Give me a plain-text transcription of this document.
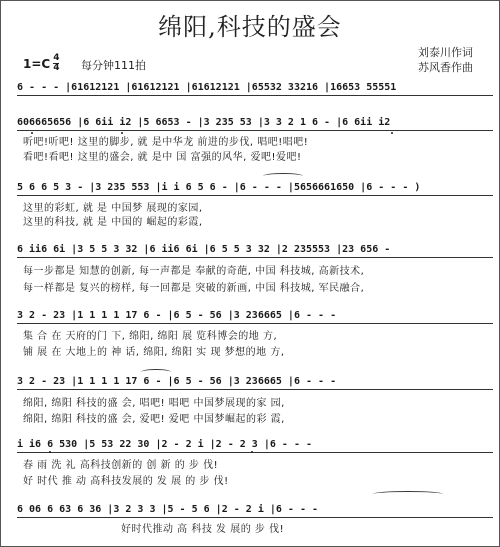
绵阳,科技的盛会
刘泰川作词
苏风香作曲
$1=C \frac{4}{4}$ 每分钟111拍
6 - - - |61612121 |61612121 |61612121 |65532 33216 |16653 55551
606665656 |6 6ii i2 |5 6653 - |3 235 53 |3 3 2 1 6 - |6 6ii i2
听吧!听吧! 这里的脚步, 就 是中华龙 前进的步伐, 唱吧!唱吧!
看吧!看吧! 这里的盛会, 就 是中 国 富强的风华, 爱吧!爱吧!
5 6 6 5 3 - |3 235 553 |i i 6 5 6 - |6 - - - |5656661650 |6 - - - )
这里的彩虹, 就 是 中国梦 展现的家园,
这里的科技, 就 是 中国的 崛起的彩霞,
6 ii6 6i |3 5 5 3 32 |6 ii6 6i |6 5 5 3 32 |2 235553 |23 656 -
每一步都是 知慧的创新, 每一声都是 奉献的奇葩, 中国 科技城, 高新技术,
每一样都是 复兴的榜样, 每一回都是 突破的新画, 中国 科技城, 军民融合,
3 2 - 23 |1 1 1 1 17 6 - |6 5 - 56 |3 236665 |6 - - -
集 合 在 天府的门 下, 绵阳, 绵阳 展 览科博会的地 方,
铺 展 在 大地上的 神 话, 绵阳, 绵阳 实 现 梦想的地 方,
3 2 - 23 |1 1 1 1 17 6 - |6 5 - 56 |3 236665 |6 - - -
绵阳, 绵阳 科技的盛 会, 唱吧! 唱吧 中国梦展现的家 园,
绵阳, 绵阳 科技的盛 会, 爱吧! 爱吧 中国梦崛起的彩 霞,
i i6 6 530 |5 53 22 30 |2 - 2 i |2 - 2 3 |6 - - -
春 雨 洗 礼 高科技创新的 创 新 的 步 伐!
好 时代 推 动 高科技发展的 发 展 的 步 伐!
6 06 6 63 6 36 |3 2 3 3 |5 - 5 6 |2 - 2 i |6 - - -
好时代推动 高 科技 发 展的 步 伐!
